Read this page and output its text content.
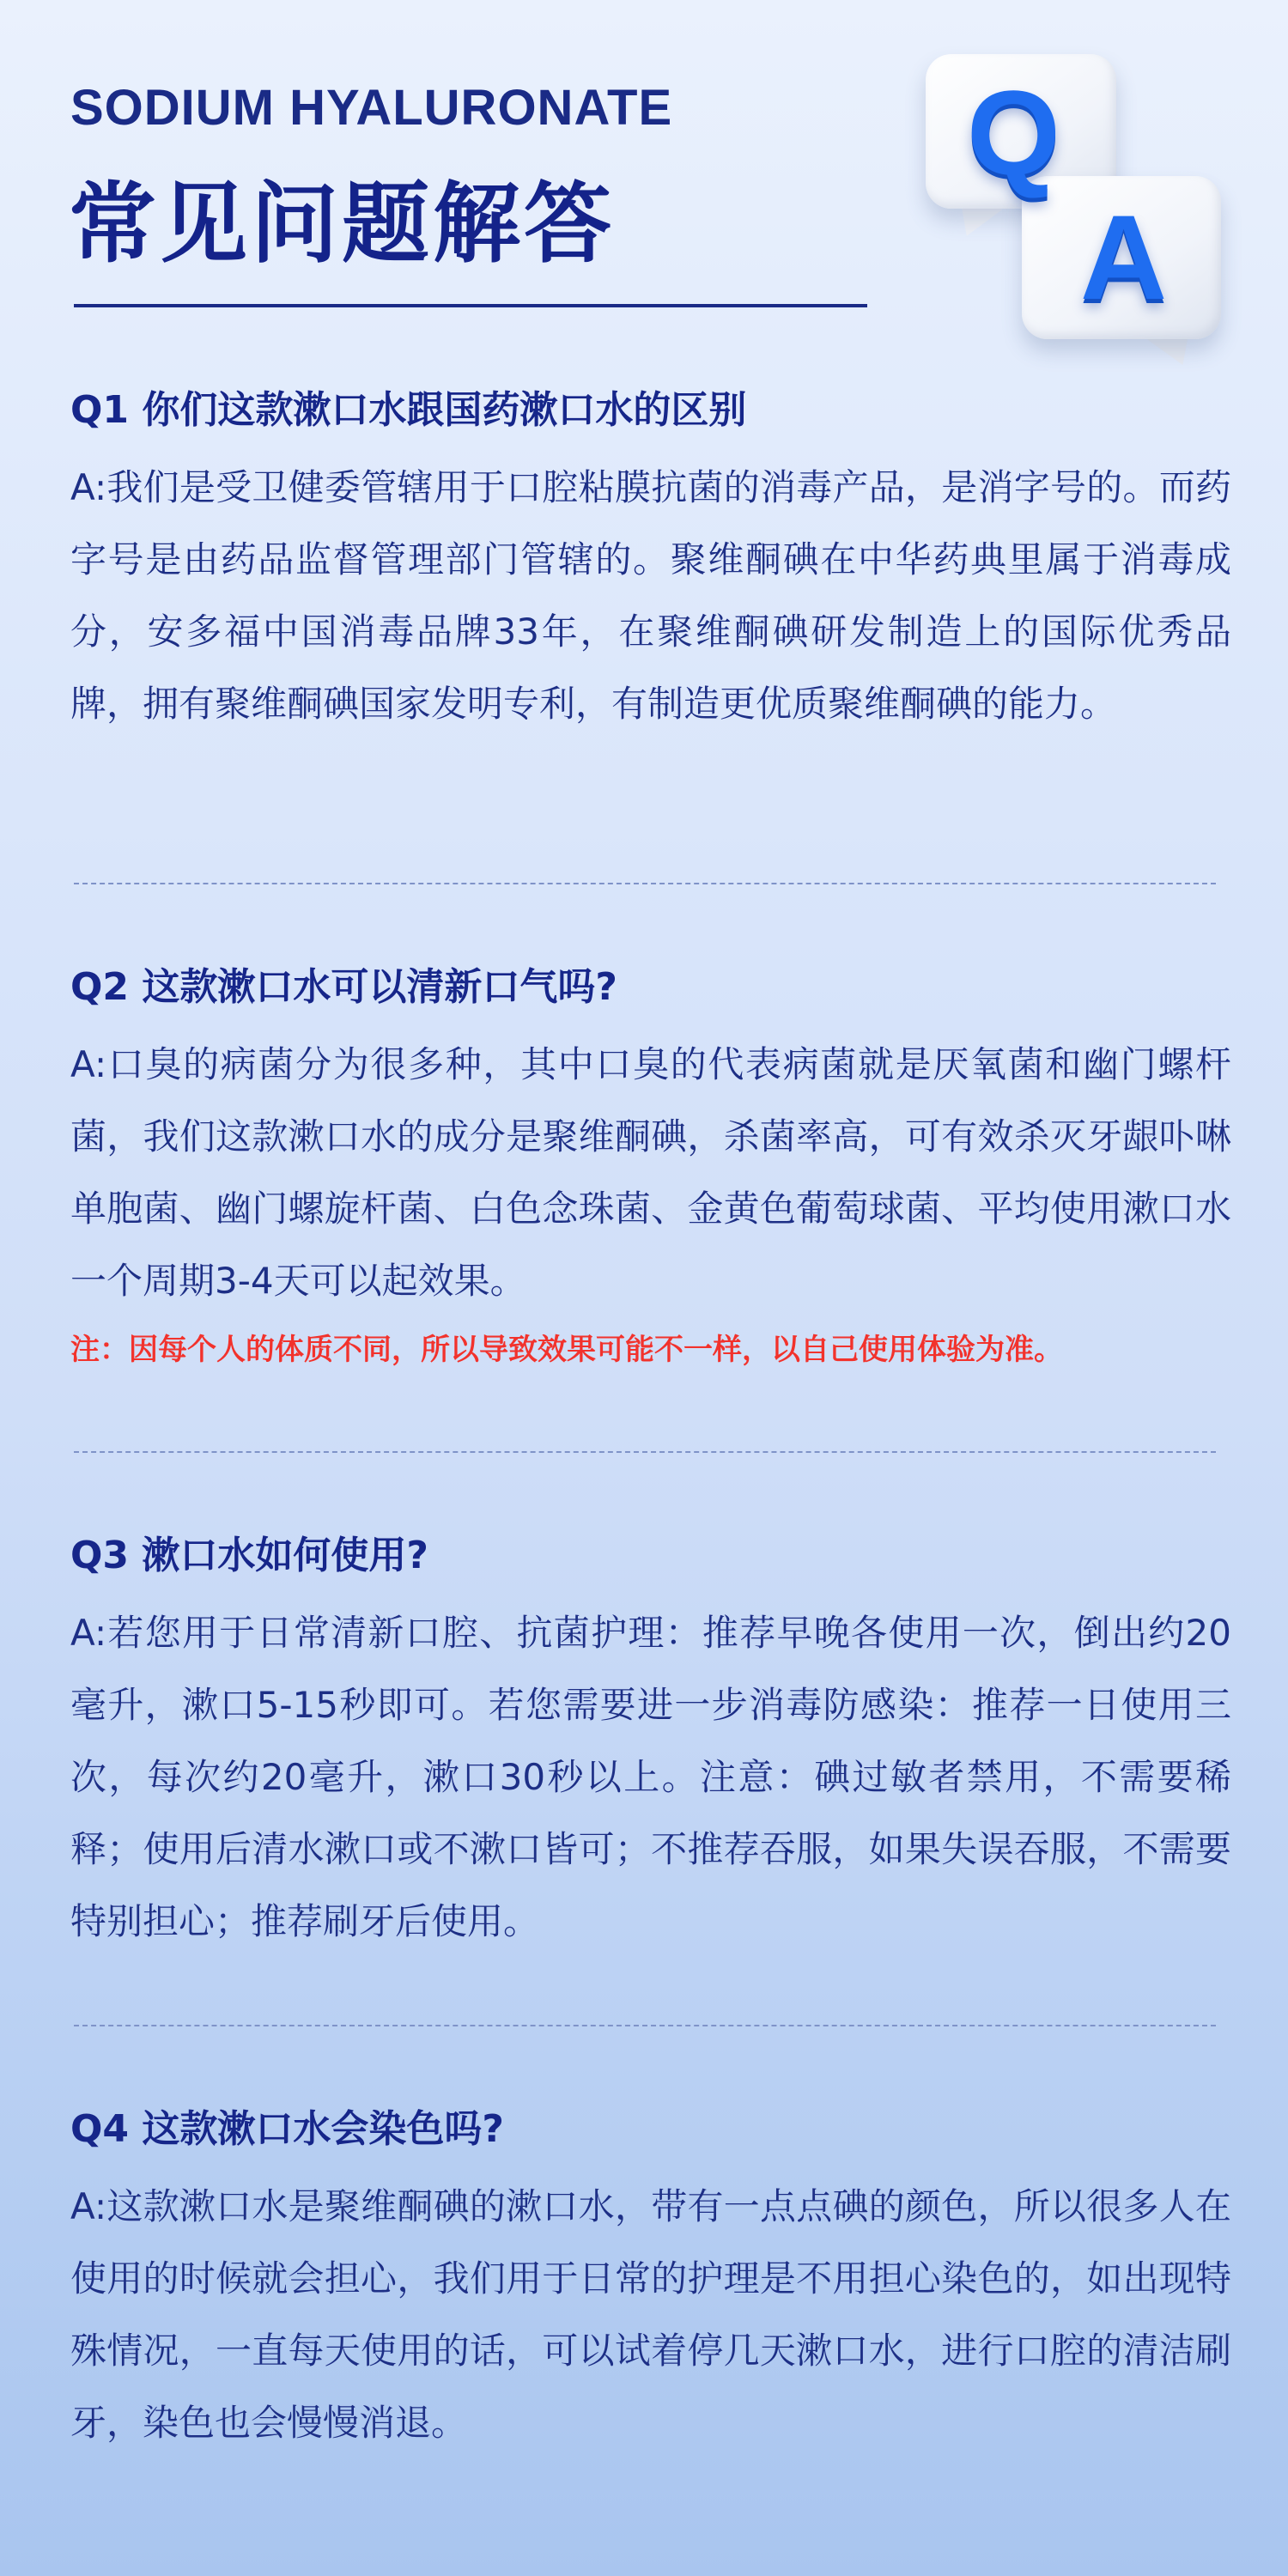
SODIUM HYALURONATE
常见问题解答
Q
A
Q1 你们这款漱口水跟国药漱口水的区别
A:我们是受卫健委管辖用于口腔粘膜抗菌的消毒产品，是消字号的。而药字号是由药品监督管理部门管辖的。聚维酮碘在中华药典里属于消毒成分，安多福中国消毒品牌33年，在聚维酮碘研发制造上的国际优秀品牌，拥有聚维酮碘国家发明专利，有制造更优质聚维酮碘的能力。
Q2 这款漱口水可以清新口气吗?
A:口臭的病菌分为很多种，其中口臭的代表病菌就是厌氧菌和幽门螺杆菌，我们这款漱口水的成分是聚维酮碘，杀菌率高，可有效杀灭牙龈卟啉单胞菌、幽门螺旋杆菌、白色念珠菌、金黄色葡萄球菌、平均使用漱口水一个周期3-4天可以起效果。
注：因每个人的体质不同，所以导致效果可能不一样，以自己使用体验为准。
Q3 漱口水如何使用?
A:若您用于日常清新口腔、抗菌护理：推荐早晚各使用一次，倒出约20毫升，漱口5-15秒即可。若您需要进一步消毒防感染：推荐一日使用三次，每次约20毫升，漱口30秒以上。注意：碘过敏者禁用，不需要稀释；使用后清水漱口或不漱口皆可；不推荐吞服，如果失误吞服，不需要特别担心；推荐刷牙后使用。
Q4 这款漱口水会染色吗?
A:这款漱口水是聚维酮碘的漱口水，带有一点点碘的颜色，所以很多人在使用的时候就会担心，我们用于日常的护理是不用担心染色的，如出现特殊情况，一直每天使用的话，可以试着停几天漱口水，进行口腔的清洁刷牙，染色也会慢慢消退。
